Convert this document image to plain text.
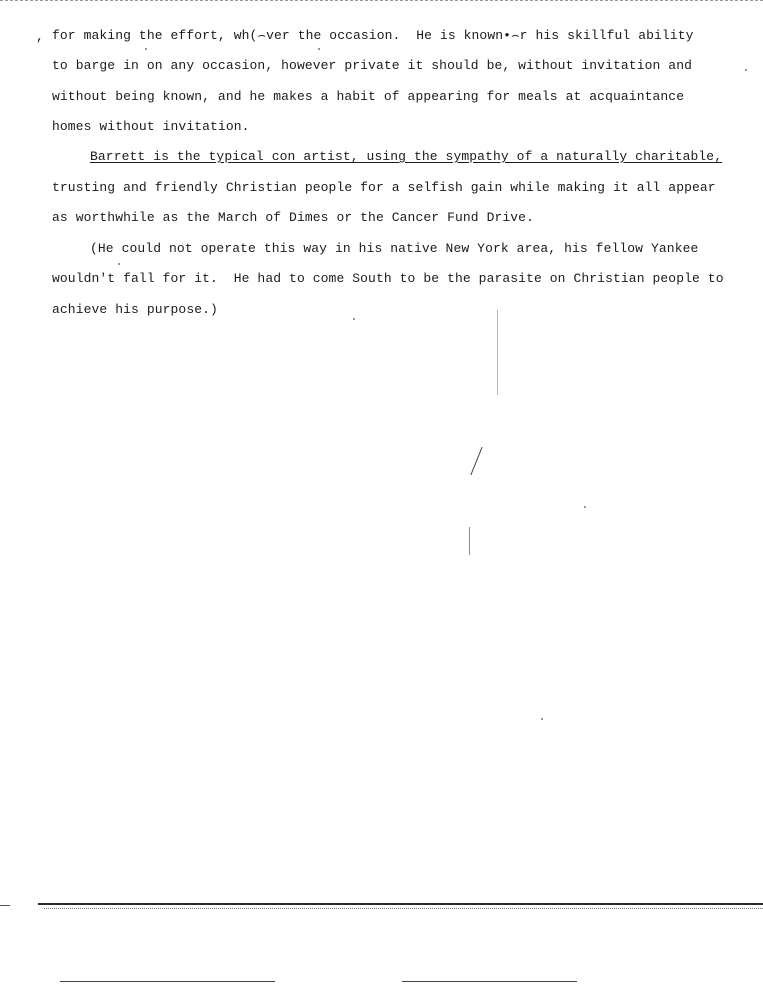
, for making the effort, wh(⌢ver the occasion.  He is known•⌢r his skillful ability
to barge in on any occasion, however private it should be, without invitation and
without being known, and he makes a habit of appearing for meals at acquaintance
homes without invitation.
Barrett is the typical con artist, using the sympathy of a naturally charitable,
trusting and friendly Christian people for a selfish gain while making it all appear
as worthwhile as the March of Dimes or the Cancer Fund Drive.
(He could not operate this way in his native New York area, his fellow Yankee
wouldn't fall for it.  He had to come South to be the parasite on Christian people to
achieve his purpose.)
